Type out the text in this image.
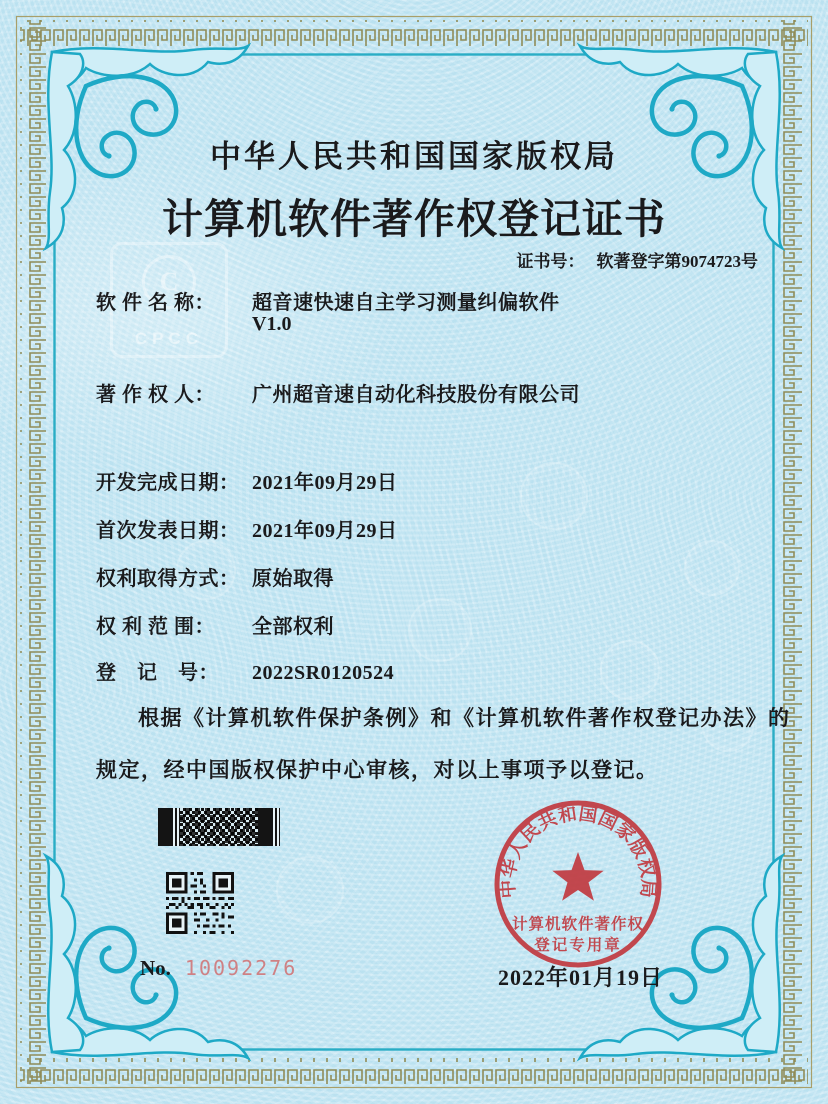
C
CPCC
中华人民共和国国家版权局
计算机软件著作权登记证书
证书号： 软著登字第9074723号
软 件 名 称： 超音速快速自主学习测量纠偏软件
V1.0
著 作 权 人： 广州超音速自动化科技股份有限公司
开发完成日期： 2021年09月29日
首次发表日期： 2021年09月29日
权利取得方式： 原始取得
权 利 范 围： 全部权利
登　记　号： 2022SR0120524
根据《计算机软件保护条例》和《计算机软件著作权登记办法》的
规定，经中国版权保护中心审核，对以上事项予以登记。
No. 10092276
中华人民共和国国家版权局
计算机软件著作权
登记专用章
2022年01月19日
